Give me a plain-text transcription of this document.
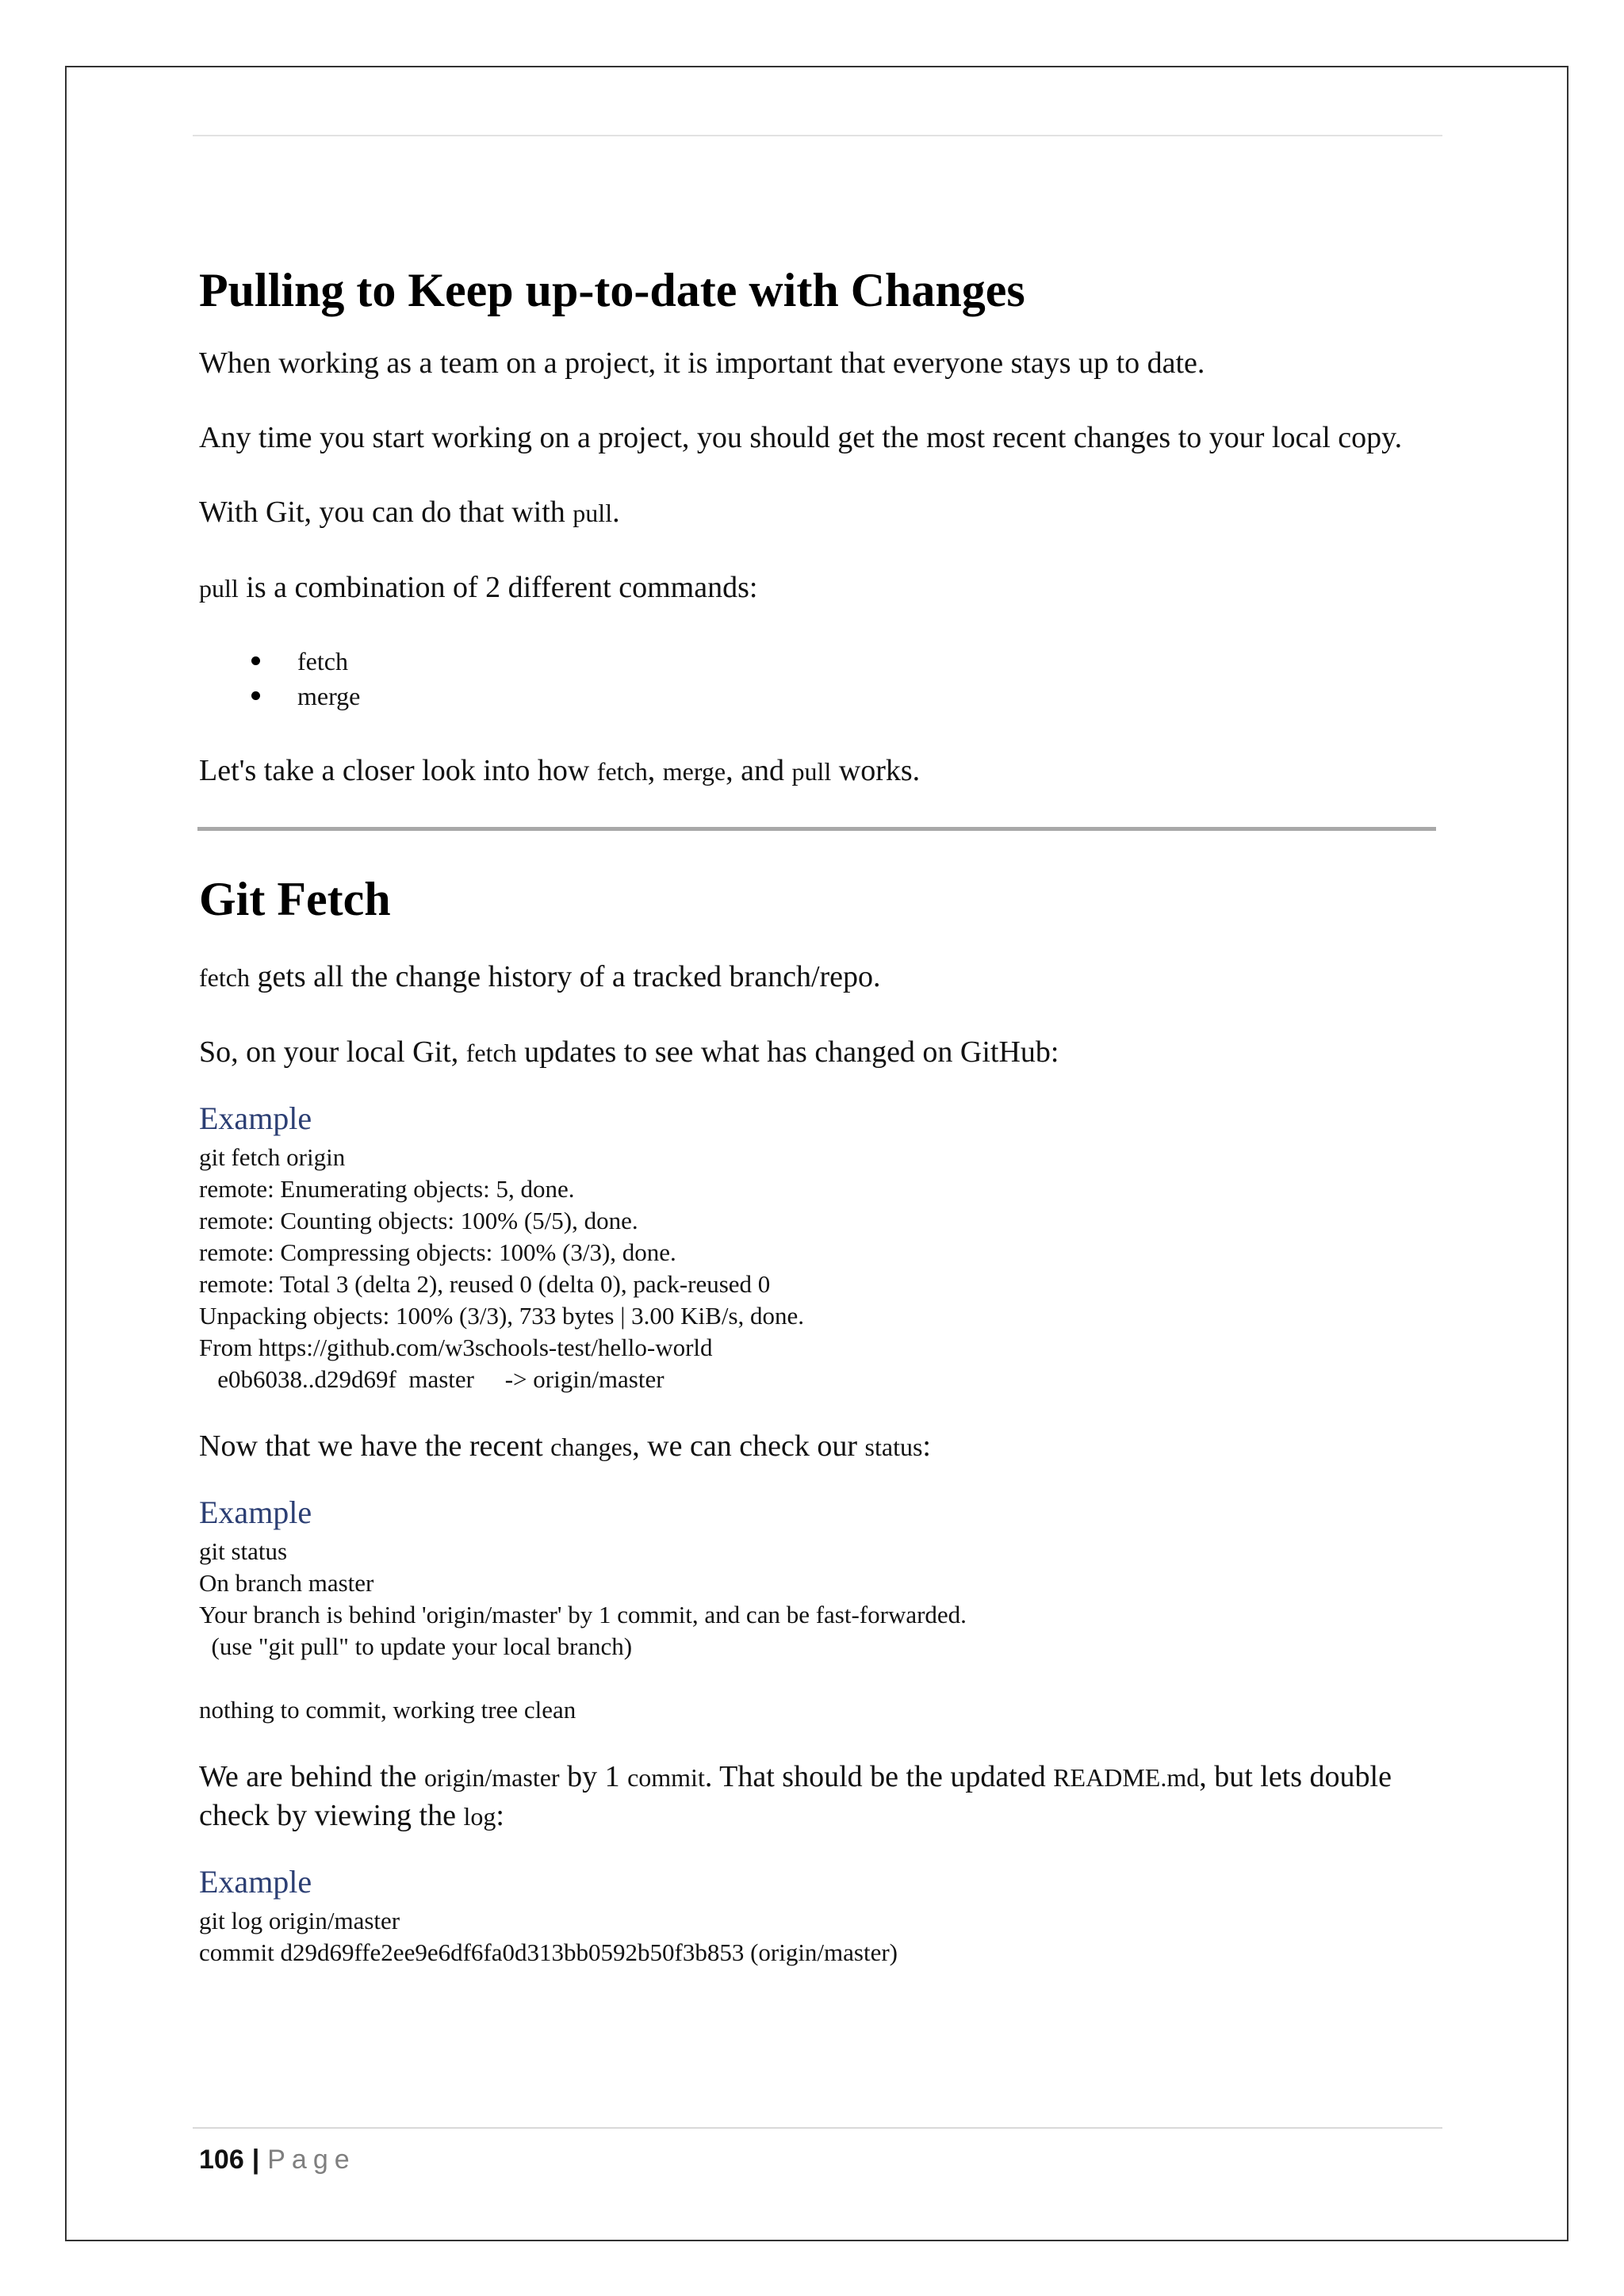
Pulling to Keep up-to-date with Changes

When working as a team on a project, it is important that everyone stays up to date.

Any time you start working on a project, you should get the most recent changes to your local copy.

With Git, you can do that with pull.

pull is a combination of 2 different commands:

fetch
merge

Let's take a closer look into how fetch, merge, and pull works.

Git Fetch

fetch gets all the change history of a tracked branch/repo.

So, on your local Git, fetch updates to see what has changed on GitHub:

Example
git fetch origin
remote: Enumerating objects: 5, done.
remote: Counting objects: 100% (5/5), done.
remote: Compressing objects: 100% (3/3), done.
remote: Total 3 (delta 2), reused 0 (delta 0), pack-reused 0
Unpacking objects: 100% (3/3), 733 bytes | 3.00 KiB/s, done.
From https://github.com/w3schools-test/hello-world
e0b6038..d29d69f  master     -> origin/master

Now that we have the recent changes, we can check our status:

Example
git status
On branch master
Your branch is behind 'origin/master' by 1 commit, and can be fast-forwarded.
(use "git pull" to update your local branch)
nothing to commit, working tree clean

We are behind the origin/master by 1 commit. That should be the updated README.md, but lets double check by viewing the log:

Example
git log origin/master
commit d29d69ffe2ee9e6df6fa0d313bb0592b50f3b853 (origin/master)
106 | Page
